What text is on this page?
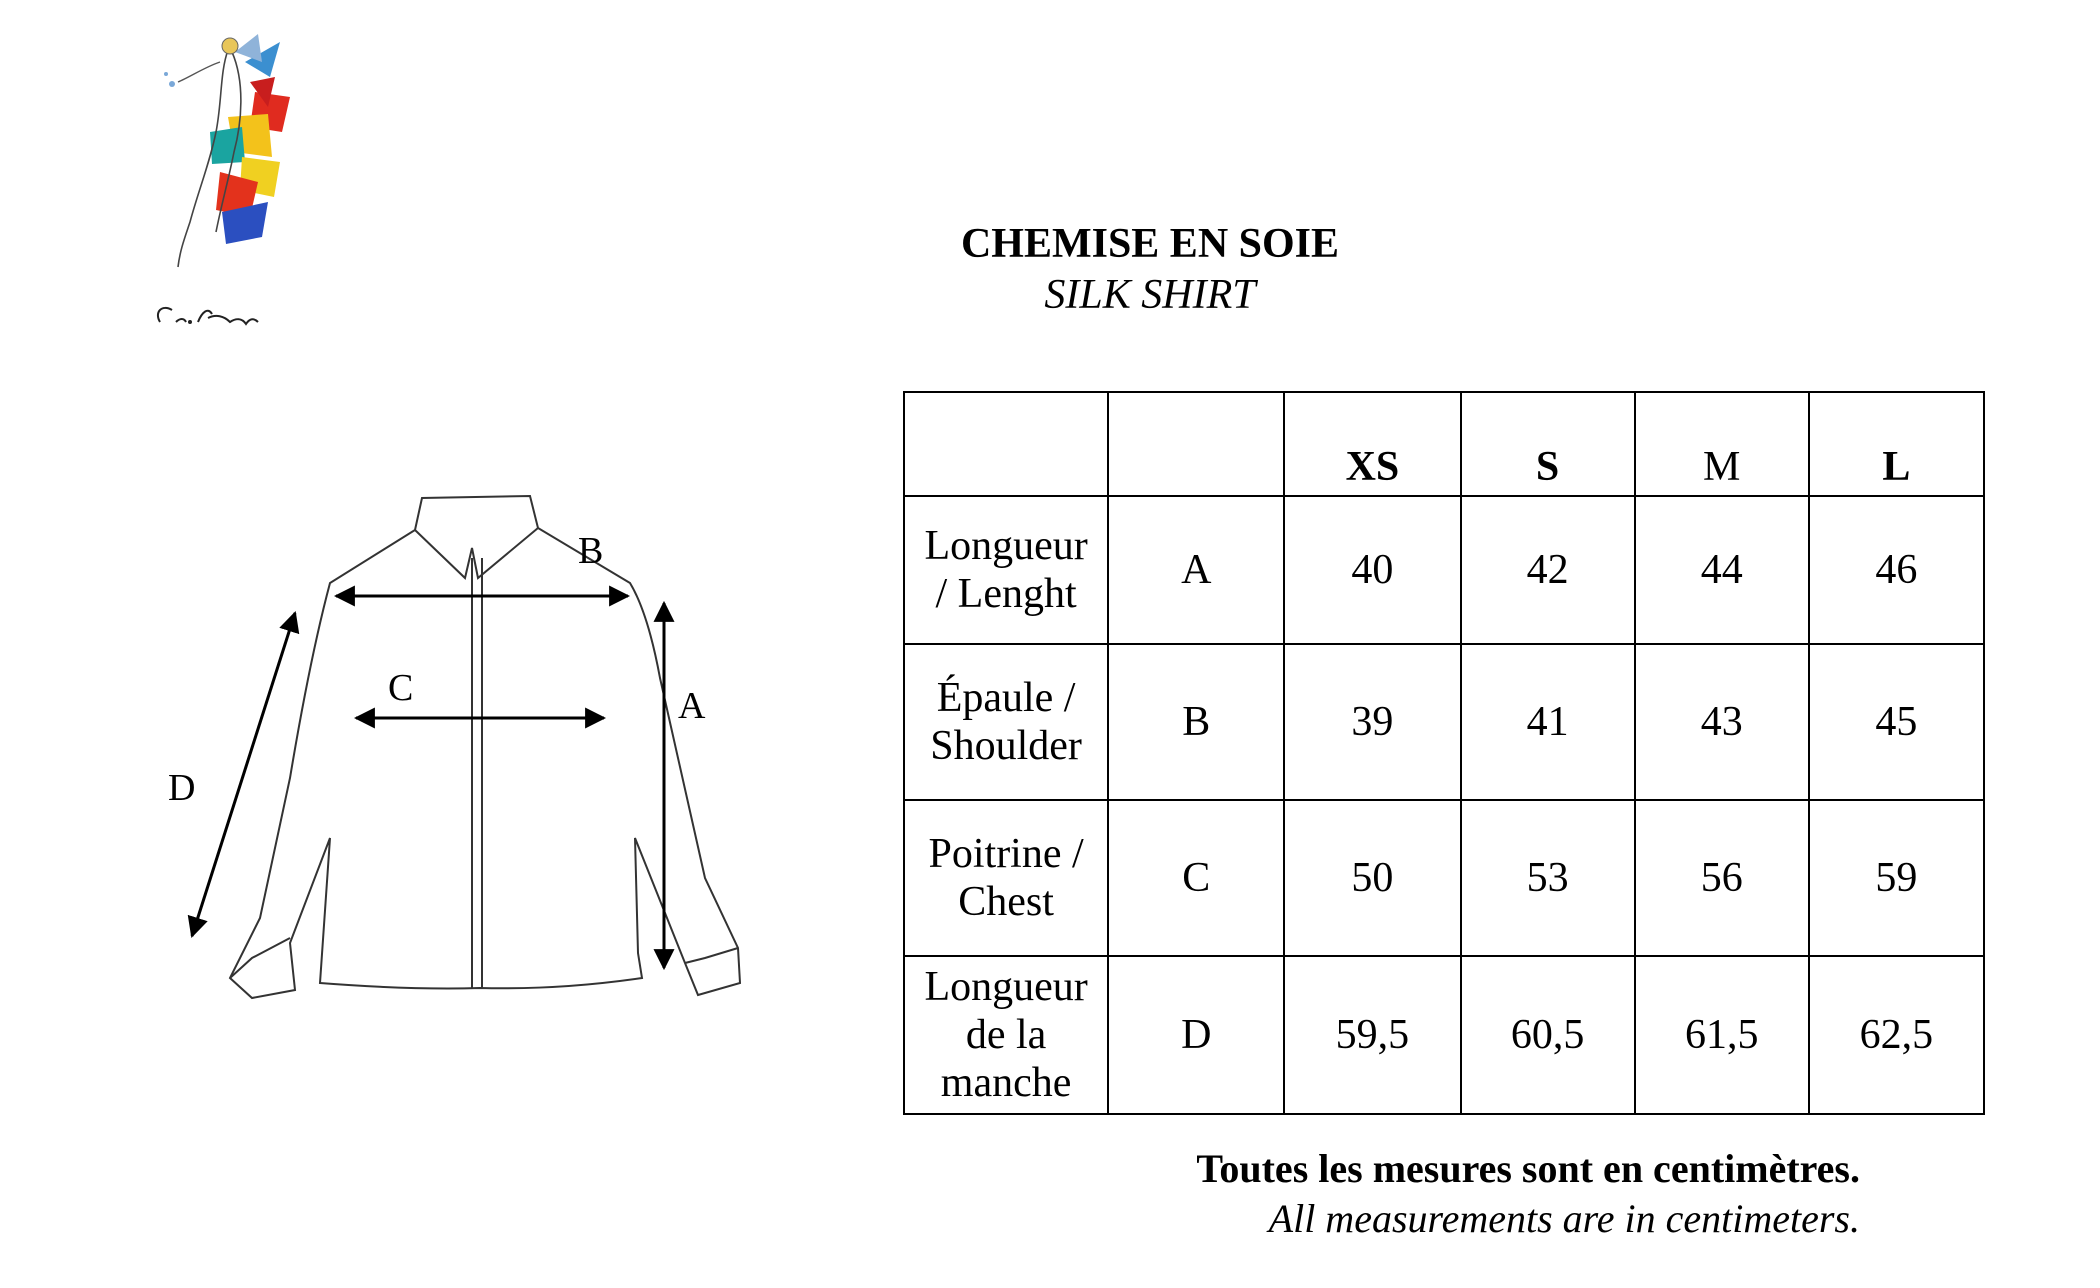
CHEMISE EN SOIE
SILK SHIRT
B
C	A
D
		XS	S	M	L

Longueur
/ Lenght	A	40	42	44	46

Épaule /
Shoulder	B	39	41	43	45

Poitrine /
Chest	C	50	53	56	59

Longueur
de la
manche	D	59,5	60,5	61,5	62,5
Toutes les mesures sont en centimètres.
All measurements are in centimeters.
